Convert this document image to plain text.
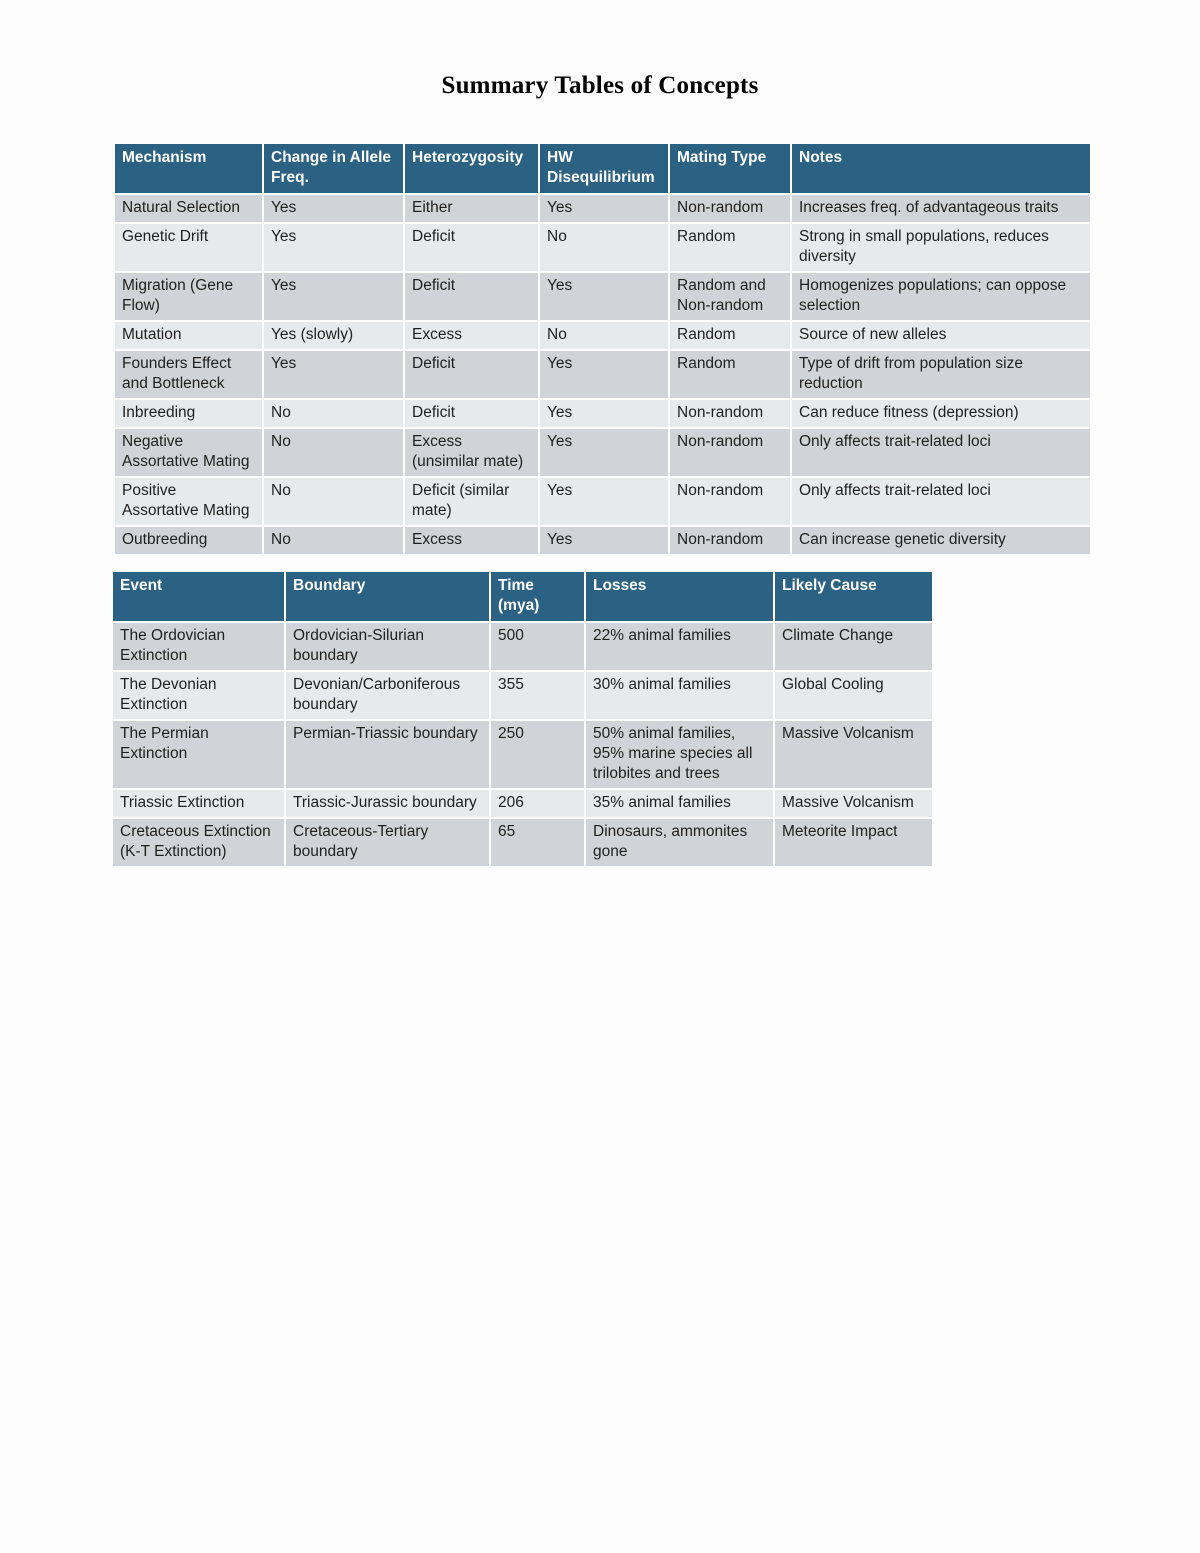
Summary Tables of Concepts
Mechanism	Change in Allele Freq.	Heterozygosity	HW Disequilibrium	Mating Type	Notes
Natural Selection	Yes	Either	Yes	Non-random	Increases freq. of advantageous traits
Genetic Drift	Yes	Deficit	No	Random	Strong in small populations, reduces diversity
Migration (Gene Flow)	Yes	Deficit	Yes	Random and Non-random	Homogenizes populations; can oppose selection
Mutation	Yes (slowly)	Excess	No	Random	Source of new alleles
Founders Effect and Bottleneck	Yes	Deficit	Yes	Random	Type of drift from population size reduction
Inbreeding	No	Deficit	Yes	Non-random	Can reduce fitness (depression)
Negative Assortative Mating	No	Excess (unsimilar mate)	Yes	Non-random	Only affects trait-related loci
Positive Assortative Mating	No	Deficit (similar mate)	Yes	Non-random	Only affects trait-related loci
Outbreeding	No	Excess	Yes	Non-random	Can increase genetic diversity
Event	Boundary	Time (mya)	Losses	Likely Cause
The Ordovician Extinction	Ordovician-Silurian boundary	500	22% animal families	Climate Change
The Devonian Extinction	Devonian/Carboniferous boundary	355	30% animal families	Global Cooling
The Permian Extinction	Permian-Triassic boundary	250	50% animal families, 95% marine species all trilobites and trees	Massive Volcanism
Triassic Extinction	Triassic-Jurassic boundary	206	35% animal families	Massive Volcanism
Cretaceous Extinction (K-T Extinction)	Cretaceous-Tertiary boundary	65	Dinosaurs, ammonites gone	Meteorite Impact
